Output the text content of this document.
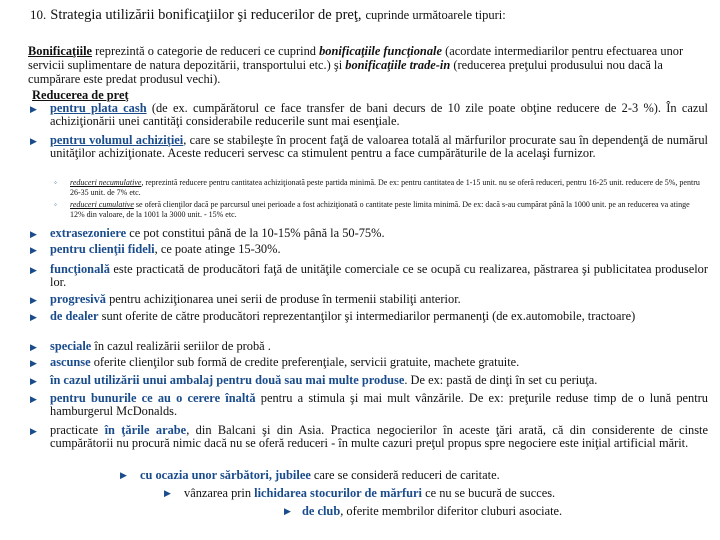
10. Strategia utilizării bonificaţiilor şi reducerilor de preţ, cuprinde următoarele tipuri:
Bonificaţiile reprezintă o categorie de reduceri ce cuprind bonificaţiile funcţionale (acordate intermediarilor pentru efectuarea unor servicii suplimentare de natura depozitării, transportului etc.) şi bonificaţiile trade-in (reducerea preţului produsului nou dacă la cumpărare este predat produsul vechi).
Reducerea de preţ
▶ pentru plata cash (de ex. cumpărătorul ce face transfer de bani decurs de 10 zile poate obţine reducere de 2-3 %). În cazul achiziţionării unei cantităţi considerabile reducerile sunt mai esenţiale.
▶ pentru volumul achiziţiei, care se stabileşte în procent faţă de valoarea totală al mărfurilor procurate sau în dependenţă de numărul unităţilor achiziţionate. Aceste reduceri servesc ca stimulent pentru a face cumpărăturile de la acelaşi furnizor.
◦ reduceri necumulative, reprezintă reducere pentru cantitatea achiziţionată peste partida minimă. De ex: pentru cantitatea de 1-15 unit. nu se oferă reduceri, pentru 16-25 unit. reducere de 5%, pentru 26-35 unit. de 7% etc.
◦ reduceri cumulative se oferă clienţilor dacă pe parcursul unei perioade a fost achiziţionată o cantitate peste limita minimă. De ex: dacă s-au cumpărat până la 1000 unit. pe an reducerea va atinge 12% din valoare, de la 1001 la 3000 unit. - 15% etc.
▶ extrasezoniere ce pot constitui până de la 10-15% până la 50-75%.
▶ pentru clienţii fideli, ce poate atinge 15-30%.
▶ funcţională este practicată de producători faţă de unităţile comerciale ce se ocupă cu realizarea, păstrarea şi publicitatea produselor lor.
▶ progresivă pentru achiziţionarea unei serii de produse în termenii stabiliţi anterior.
▶ de dealer sunt oferite de către producători reprezentanţilor şi intermediarilor permanenţi (de ex.automobile, tractoare)
▶ speciale în cazul realizării seriilor de probă .
▶ ascunse oferite clienţilor sub formă de credite preferenţiale, servicii gratuite, machete gratuite.
▶ în cazul utilizării unui ambalaj pentru două sau mai multe produse. De ex: pastă de dinţi în set cu periuţa.
▶ pentru bunurile ce au o cerere înaltă pentru a stimula şi mai mult vânzările. De ex: preţurile reduse timp de o lună pentru hamburgerul McDonalds.
▶ practicate în ţările arabe, din Balcani şi din Asia. Practica negocierilor în aceste ţări arată, că din considerente de cinste cumpărătorii nu procură nimic dacă nu se oferă reduceri - în multe cazuri preţul propus spre negociere este iniţial artificial mărit.
▶ cu ocazia unor sărbători, jubilee care se consideră reduceri de caritate.
▶ vânzarea prin lichidarea stocurilor de mărfuri ce nu se bucură de succes.
▶ de club, oferite membrilor diferitor cluburi asociate.
